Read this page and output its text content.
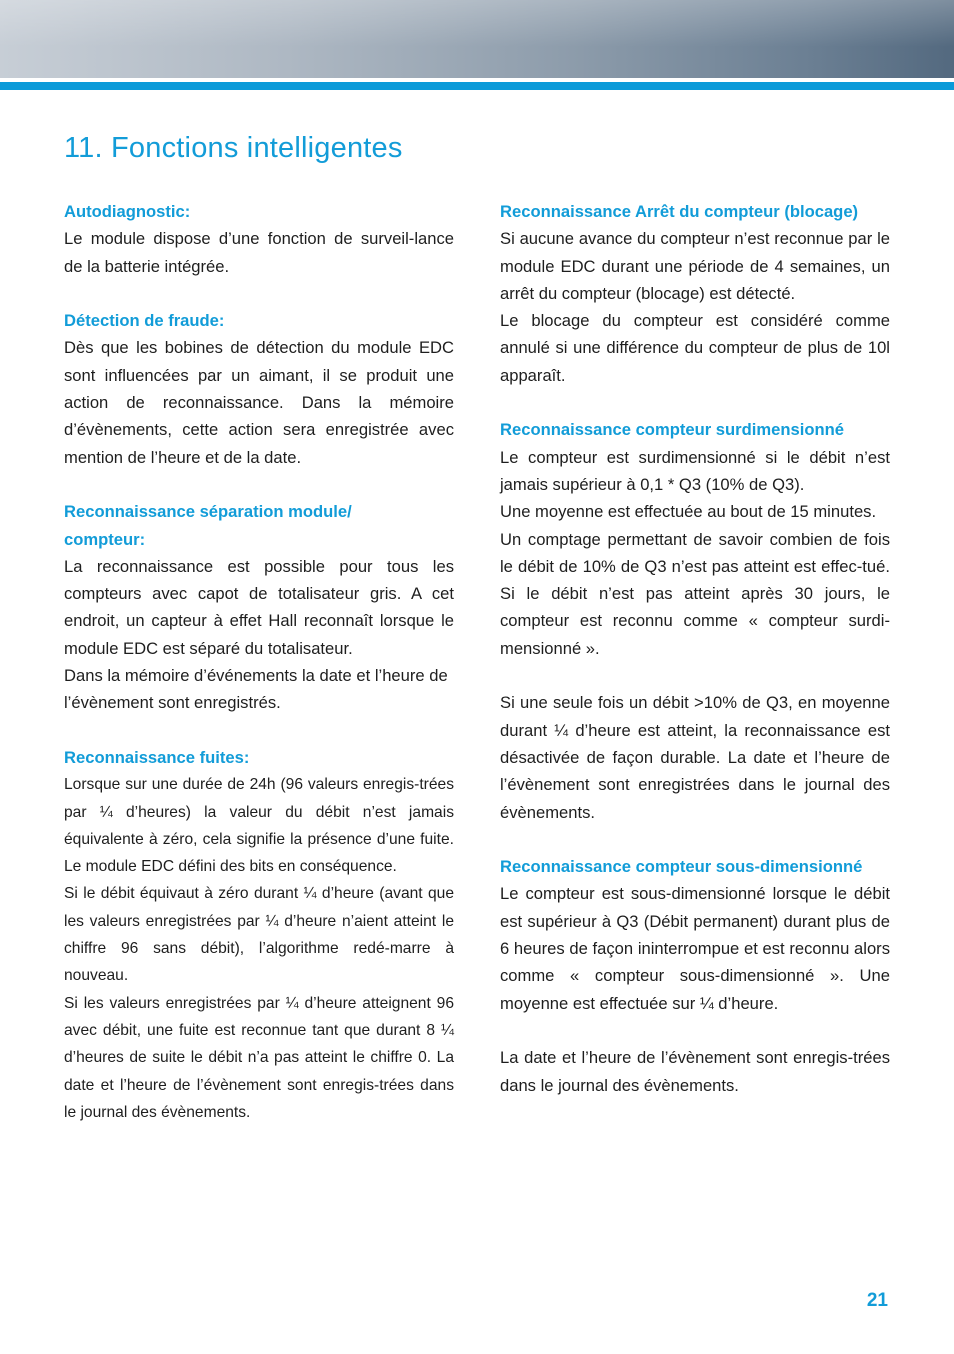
11. Fonctions intelligentes
Autodiagnostic:

Le module dispose d’une fonction de surveil-lance de la batterie intégrée.

Détection de fraude:

Dès que les bobines de détection du module EDC sont influencées par un aimant, il se produit une action de reconnaissance. Dans la mémoire d’évènements, cette action sera enregistrée avec mention de l’heure et de la date.

Reconnaissance séparation module/
compteur:

La reconnaissance est possible pour tous les compteurs avec capot de totalisateur gris. A cet endroit, un capteur à effet Hall reconnaît lorsque le module EDC est séparé du totalisateur.

Dans la mémoire d’événements la date et l’heure de l’évènement sont enregistrés.

Reconnaissance fuites:

Lorsque sur une durée de 24h (96 valeurs enregis-trées par ¼ d’heures) la valeur du débit n’est jamais équivalente à zéro, cela signifie la présence d’une fuite. Le module EDC défini des bits en conséquence.

Si le débit équivaut à zéro durant ¼ d’heure (avant que les valeurs enregistrées par ¼ d’heure n’aient atteint le chiffre 96 sans débit), l’algorithme redé-marre à nouveau.

Si les valeurs enregistrées par ¼ d’heure atteignent 96 avec débit, une fuite est reconnue tant que durant 8 ¼ d’heures de suite le débit n’a pas atteint le chiffre 0. La date et l’heure de l’évènement sont enregis-trées dans le journal des évènements.

Reconnaissance Arrêt du compteur (blocage)

Si aucune avance du compteur n’est reconnue par le module EDC durant une période de 4 semaines, un arrêt du compteur (blocage) est détecté.

Le blocage du compteur est considéré comme annulé si une différence du compteur de plus de 10l apparaît.

Reconnaissance compteur surdimensionné

Le compteur est surdimensionné si le débit n’est jamais supérieur à 0,1 * Q3 (10% de Q3).

Une moyenne est effectuée au bout de 15 minutes.

Un comptage permettant de savoir combien de fois le débit de 10% de Q3 n’est pas atteint est effec-tué. Si le débit n’est pas atteint après 30 jours, le compteur est reconnu comme « compteur surdi-mensionné ».

Si une seule fois un débit >10% de Q3, en moyenne durant ¼ d’heure est atteint, la reconnaissance est désactivée de façon durable. La date et l’heure de l’évènement sont enregistrées dans le journal des évènements.

Reconnaissance compteur sous-dimensionné

Le compteur est sous-dimensionné lorsque le débit est supérieur à Q3 (Débit permanent) durant plus de 6 heures de façon ininterrompue et est reconnu alors comme « compteur sous-dimensionné ». Une moyenne est effectuée sur ¼ d’heure.

La date et l’heure de l’évènement sont enregis-trées dans le journal des évènements.

21
